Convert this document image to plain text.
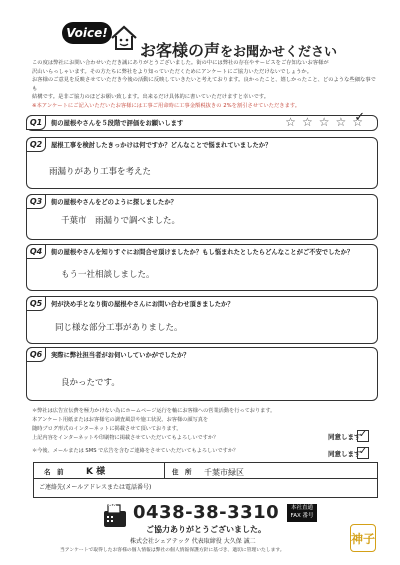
Voice!
お客様の声をお聞かせください
この度は弊社にお問い合わせいただき誠にありがとうございました。街の中には弊社の存在やサービスをご存知ないお客様が
沢山いらっしゃいます。その方たちに弊社をより知っていただくためにアンケートにご協力いただけないでしょうか。
お客様のご意見を反映させていただき今後の活動に反映していきたいと考えております。良かったこと、嬉しかったこと、どのような些細な事でも
結構です。是非ご協力のほどお願い致します。出来るだけ具体的に書いていただけますと幸いです。
※本アンケートにご記入いただいたお客様には工事ご用命時に工事金額税抜きの 2%を割引させていただきます。
Q1	街の屋根やさんを５段階で評価をお願いします	☆ ☆ ☆ ☆ ☆ ✓
Q2	屋根工事を検討したきっかけは何ですか？どんなことで悩まれていましたか？
雨漏りがあり工事を考えた
Q3	街の屋根やさんをどのように探しましたか？
千葉市　雨漏りで調べました。
Q4	街の屋根やさんを知りすぐにお問合せ頂けましたか？もし悩まれたとしたらどんなことがご不安でしたか？
もう一社相談しました。
Q5	何が決め手となり街の屋根やさんにお問い合わせ頂きましたか？
同じ様な部分工事がありました。
Q6	実際に弊社担当者がお伺いしていかがでしたか？
良かったです。
＊弊社は広告宣伝費を極力かけない為にホームページ运行を軸にお客様への営業活動を行っております。
本アンケート用紙またはお客様宅の調査風景や施工状況、お客様の顔写真を
随時ブログ形式のインターネットに掲載させて頂いております。
上記内容をインターネットや印刷物に掲載させていただいてもよろしいですか？
＊今後、メールまたは SMS で広告を含むご連絡をさせていただいてもよろしいですか？
同意します
✓
同意します
✓
名　前	K 様	住　所 千葉市緑区
ご連絡先(メールアドレスまたは電話番号)
FAX 0438-38-3310	本社直通
FAX 番号
ご協力ありがとうございました。
株式会社シェアテック 代表取締役 大久保 誠二
当アンケートで取得したお客様の個人情報は弊社の個人情報保護方針に基づき、適切に管理いたします。
神子
